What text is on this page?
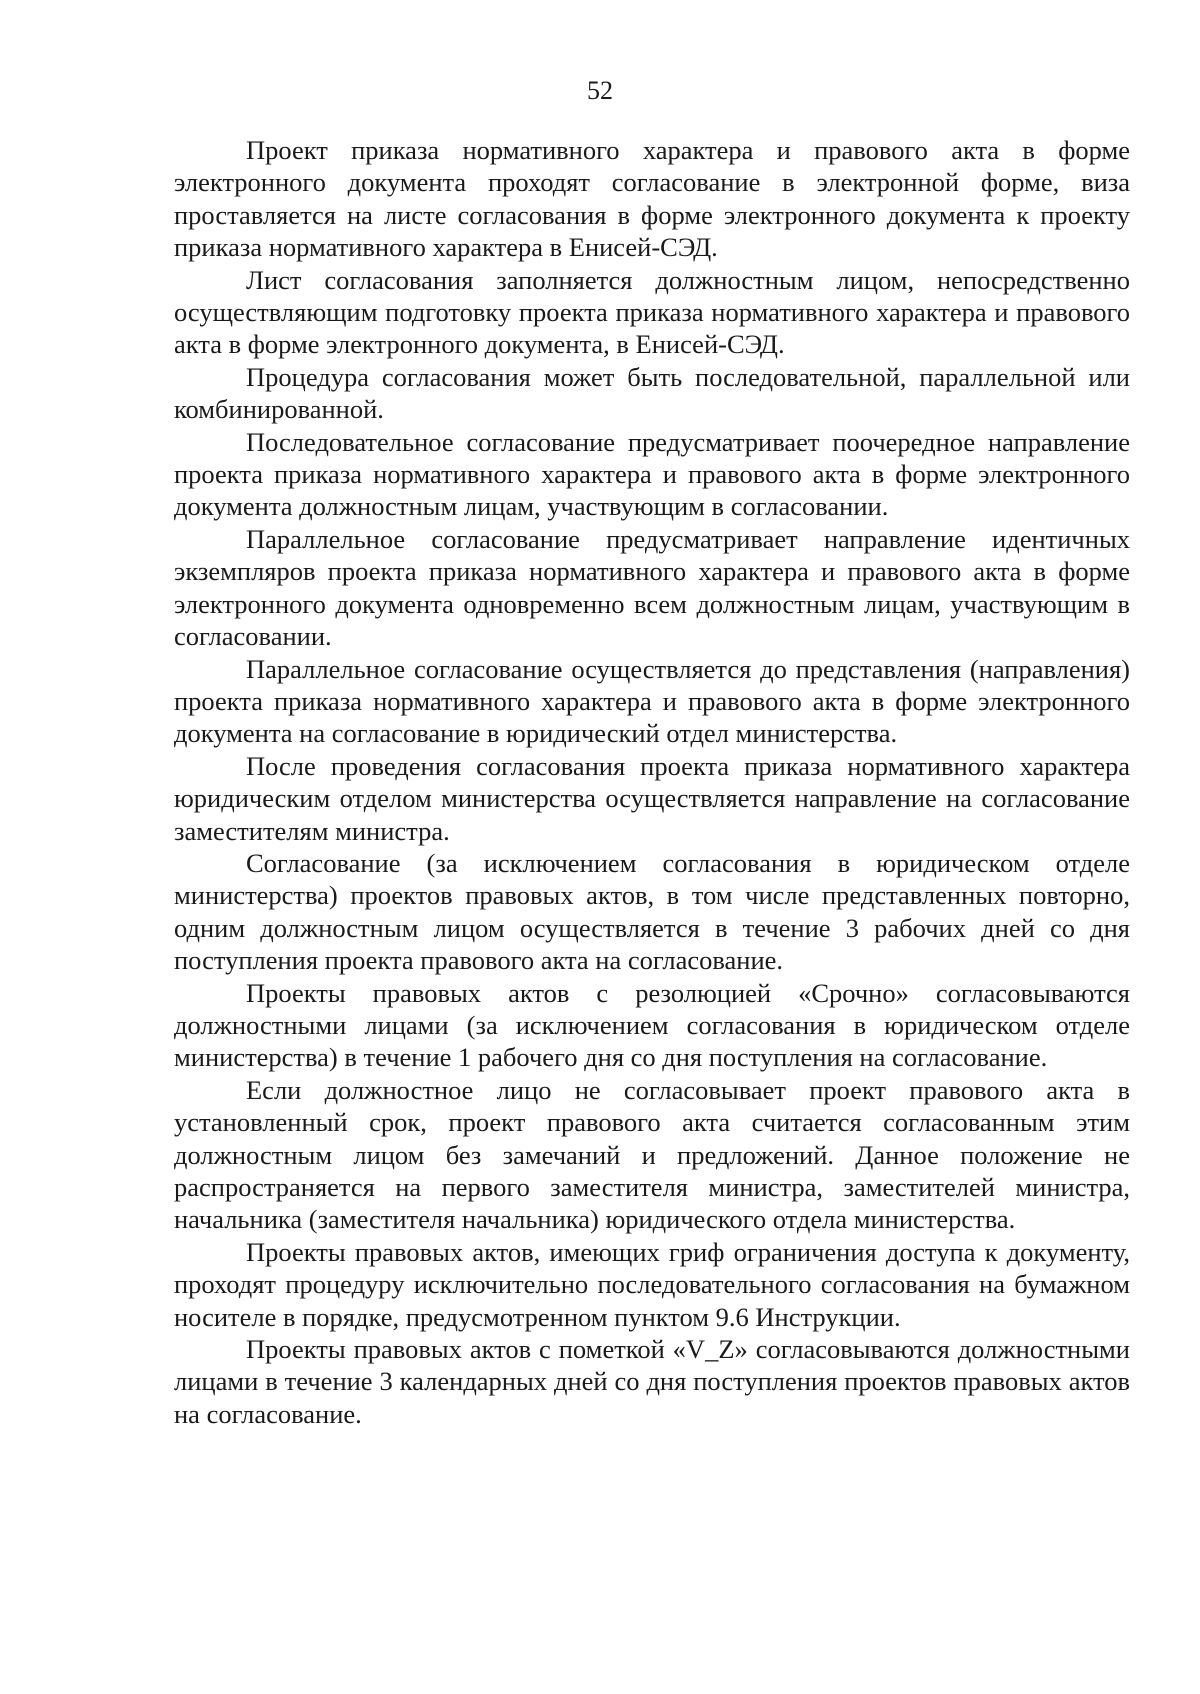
52

Проект приказа нормативного характера и правового акта в форме электронного документа проходят согласование в электронной форме, виза проставляется на листе согласования в форме электронного документа к проекту приказа нормативного характера в Енисей-СЭД.

Лист согласования заполняется должностным лицом, непосредственно осуществляющим подготовку проекта приказа нормативного характера и правового акта в форме электронного документа, в Енисей-СЭД.

Процедура согласования может быть последовательной, параллельной или комбинированной.

Последовательное согласование предусматривает поочередное направление проекта приказа нормативного характера и правового акта в форме электронного документа должностным лицам, участвующим в согласовании.

Параллельное согласование предусматривает направление идентичных экземпляров проекта приказа нормативного характера и правового акта в форме электронного документа одновременно всем должностным лицам, участвующим в согласовании.

Параллельное согласование осуществляется до представления (направления) проекта приказа нормативного характера и правового акта в форме электронного документа на согласование в юридический отдел министерства.

После проведения согласования проекта приказа нормативного характера юридическим отделом министерства осуществляется направление на согласование заместителям министра.

Согласование (за исключением согласования в юридическом отделе министерства) проектов правовых актов, в том числе представленных повторно, одним должностным лицом осуществляется в течение 3 рабочих дней со дня поступления проекта правового акта на согласование.

Проекты правовых актов с резолюцией «Срочно» согласовываются должностными лицами (за исключением согласования в юридическом отделе министерства) в течение 1 рабочего дня со дня поступления на согласование.

Если должностное лицо не согласовывает проект правового акта в установленный срок, проект правового акта считается согласованным этим должностным лицом без замечаний и предложений. Данное положение не распространяется на первого заместителя министра, заместителей министра, начальника (заместителя начальника) юридического отдела министерства.

Проекты правовых актов, имеющих гриф ограничения доступа к документу, проходят процедуру исключительно последовательного согласования на бумажном носителе в порядке, предусмотренном пунктом 9.6 Инструкции.

Проекты правовых актов с пометкой «V_Z» согласовываются должностными лицами в течение 3 календарных дней со дня поступления проектов правовых актов на согласование.
